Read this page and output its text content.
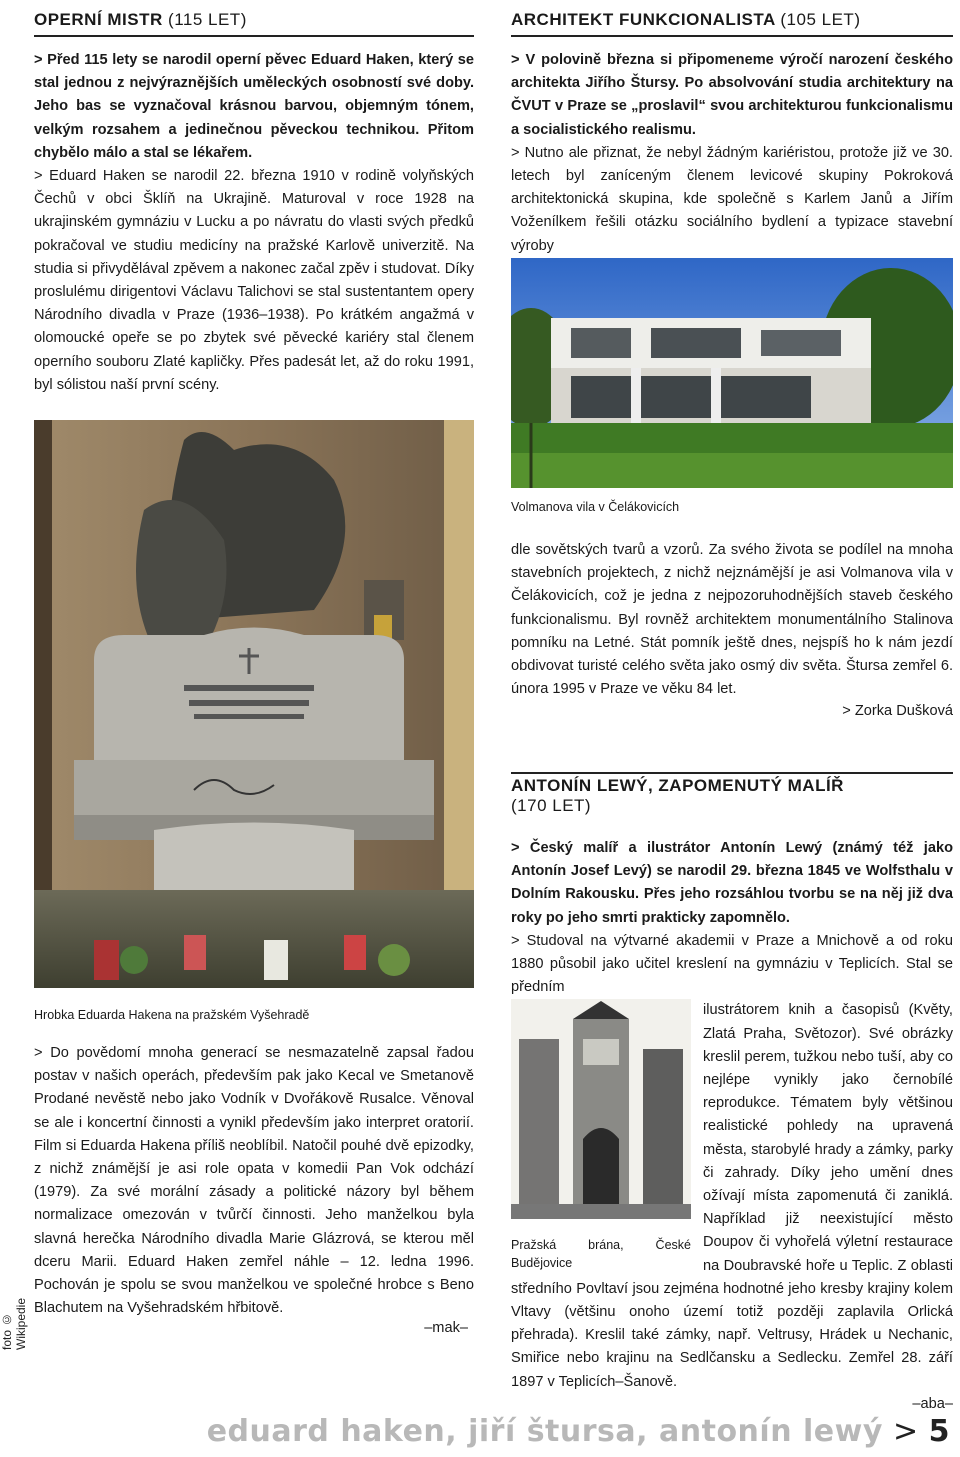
OPERNÍ MISTR (115 LET)

> Před 115 lety se narodil operní pěvec Eduard Haken, který se stal jednou z nejvýraznějších uměleckých osobností své doby. Jeho bas se vyznačoval krásnou barvou, objemným tónem, velkým rozsahem a jedinečnou pěveckou technikou. Přitom chybělo málo a stal se lékařem.

> Eduard Haken se narodil 22. března 1910 v rodině volyňských Čechů v obci Šklíň na Ukrajině. Maturoval v roce 1928 na ukrajinském gymnáziu v Lucku a po návratu do vlasti svých předků pokračoval ve studiu medicíny na pražské Karlově univerzitě. Na studia si přivydělával zpěvem a nakonec začal zpěv i studovat. Díky proslulému dirigentovi Václavu Talichovi se stal sustentantem opery Národního divadla v Praze (1936–1938). Po krátkém angažmá v olomoucké opeře se po zbytek své pěvecké kariéry stal členem operního souboru Zlaté kapličky. Přes padesát let, až do roku 1991, byl sólistou naší první scény.

Hrobka Eduarda Hakena na pražském Vyšehradě

> Do povědomí mnoha generací se nesmazatelně zapsal řadou postav v našich operách, především pak jako Kecal ve Smetanově Prodané nevěstě nebo jako Vodník v Dvořákově Rusalce. Věnoval se ale i koncertní činnosti a vynikl především jako interpret oratorií. Film si Eduarda Hakena příliš neoblíbil. Natočil pouhé dvě epizodky, z nichž známější je asi role opata v komedii Pan Vok odchází (1979). Za své morální zásady a politické názory byl během normalizace omezován v tvůrčí činnosti. Jeho manželkou byla slavná herečka Národního divadla Marie Glázrová, se kterou měl dceru Marii. Eduard Haken zemřel náhle – 12. ledna 1996. Pochován je spolu se svou manželkou ve společné hrobce s Beno Blachutem na Vyšehradském hřbitově.

–mak–

ARCHITEKT FUNKCIONALISTA (105 LET)

> V polovině března si připomeneme výročí narození českého architekta Jiřího Štursy. Po absolvování studia architektury na ČVUT v Praze se „proslavil“ svou architekturou funkcionalismu a socialistického realismu.

> Nutno ale přiznat, že nebyl žádným kariéristou, protože již ve 30. letech byl zaníceným členem levicové skupiny Pokroková architektonická skupina, kde společně s Karlem Janů a Jiřím Voženílkem řešili otázku sociálního bydlení a typizace stavební výroby

Volmanova vila v Čelákovicích

dle sovětských tvarů a vzorů. Za svého života se podílel na mnoha stavebních projektech, z nichž nejznámější je asi Volmanova vila v Čelákovicích, což je jedna z nejpozoruhodnějších staveb českého funkcionalismu. Byl rovněž architektem monumentálního Stalinova pomníku na Letné. Stát pomník ještě dnes, nejspíš ho k nám jezdí obdivovat turisté celého světa jako osmý div světa. Štursa zemřel 6. února 1995 v Praze ve věku 84 let.

> Zorka Dušková

ANTONÍN LEWÝ, ZAPOMENUTÝ MALÍŘ
(170 LET)

> Český malíř a ilustrátor Antonín Lewý (známý též jako Antonín Josef Levý) se narodil 29. března 1845 ve Wolfsthalu v Dolním Rakousku. Přes jeho rozsáhlou tvorbu se na něj již dva roky po jeho smrti prakticky zapomnělo.

> Studoval na výtvarné akademii v Praze a Mnichově a od roku 1880 působil jako učitel kreslení na gymnáziu v Teplicích. Stal se předním

Pražská brána, České Budějovice

ilustrátorem knih a časopisů (Květy, Zlatá Praha, Světozor). Své obrázky kreslil perem, tužkou nebo tuší, aby co nejlépe vynikly jako černobílé reprodukce. Tématem byly většinou realistické pohledy na upravená města, starobylé hrady a zámky, parky či zahrady. Díky jeho umění dnes ožívají místa zapomenutá či zaniklá. Například již neexistující město Doupov či vyhořelá výletní restaurace na Doubravské hoře u Teplic. Z oblasti středního Povltaví jsou zejména hodnotné jeho kresby krajiny kolem Vltavy (většinu onoho území totiž později zaplavila Orlická přehrada). Kreslil také zámky, např. Veltrusy, Hrádek u Nechanic, Smiřice nebo krajinu na Sedlčansku a Sedlecku. Zemřel 28. září 1897 v Teplicích–Šanově.

–aba–

foto © Wikipedie
eduard haken, jiří štursa, antonín lewý > 5
